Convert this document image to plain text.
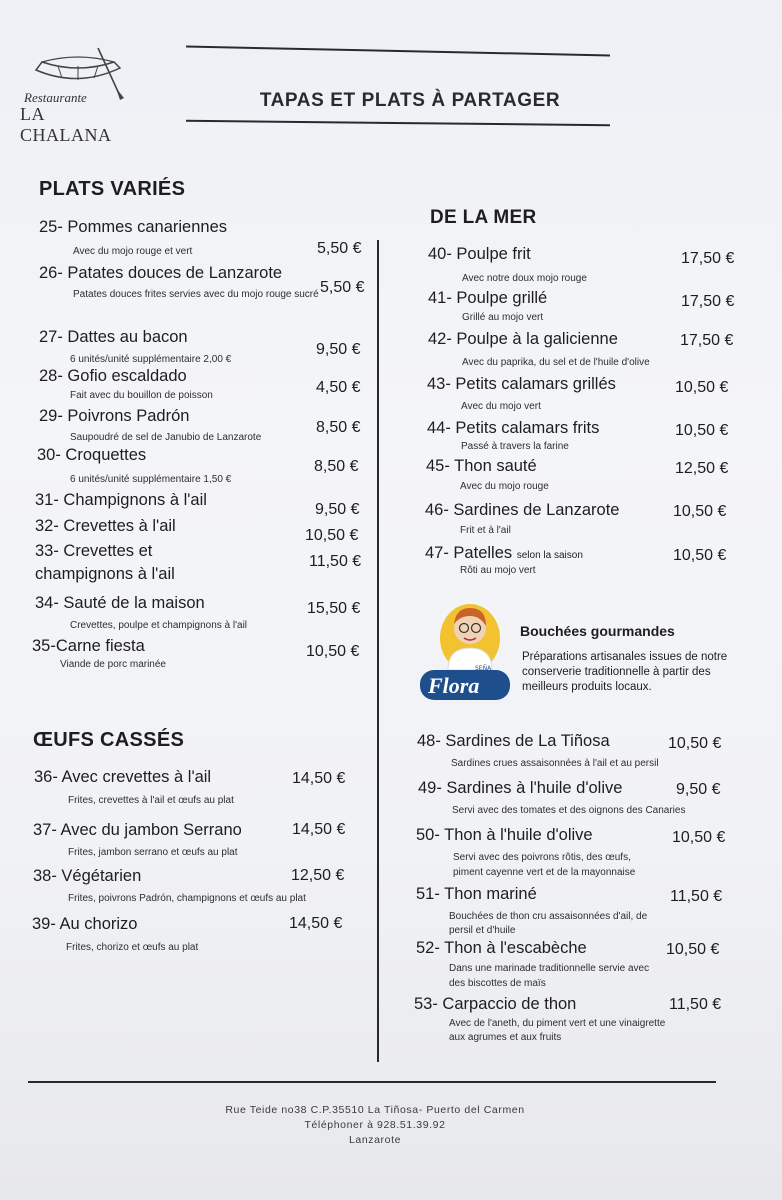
Restaurante
LA CHALANA
TAPAS ET PLATS À PARTAGER
PLATS VARIÉS
25- Pommes canariennes
Avec du mojo rouge et vert	5,50 €
26- Patates douces de Lanzarote
Patates douces frites servies avec du mojo rouge sucré 5,50 €
27- Dattes au bacon
6 unités/unité supplémentaire 2,00 €
9,50 €
28- Gofio escaldado
Fait avec du bouillon de poisson	4,50 €
29- Poivrons Padrón
Saupoudré de sel de Janubio de Lanzarote
8,50 €
30- Croquettes
6 unités/unité supplémentaire 1,50 €
8,50 €
31- Champignons à l'ail
9,50 €
32- Crevettes à l'ail
10,50 €
33- Crevettes et
champignons à l'ail
11,50 €
34- Sauté de la maison
Crevettes, poulpe et champignons à l'ail
15,50 €
35-Carne fiesta
Viande de porc marinée
10,50 €
ŒUFS CASSÉS
36- Avec crevettes à l'ail
Frites, crevettes à l'ail et œufs au plat
14,50 €
37- Avec du jambon Serrano
Frites, jambon serrano et œufs au plat
14,50 €
38- Végétarien
Frites, poivrons Padrón, champignons et œufs au plat
12,50 €
39- Au chorizo
Frites, chorizo et œufs au plat
14,50 €
DE LA MER
40- Poulpe frit
Avec notre doux mojo rouge
17,50 €
41- Poulpe grillé
Grillé au mojo vert
17,50 €
42- Poulpe à la galicienne
Avec du paprika, du sel et de l'huile d'olive
17,50 €
43- Petits calamars grillés
Avec du mojo vert
10,50 €
44- Petits calamars frits
Passé à travers la farine
10,50 €
45- Thon sauté
Avec du mojo rouge
12,50 €
46- Sardines de Lanzarote
Frit et à l'ail
10,50 €
47- Patelles selon la saison
Rôti au mojo vert
10,50 €
SEÑA
Flora
Bouchées gourmandes
Préparations artisanales issues de notre conserverie traditionnelle à partir des meilleurs produits locaux.
48- Sardines de La Tiñosa
Sardines crues assaisonnées à l'ail et au persil
10,50 €
49- Sardines à l'huile d'olive
Servi avec des tomates et des oignons des Canaries
9,50 €
50- Thon à l'huile d'olive
Servi avec des poivrons rôtis, des œufs,
piment cayenne vert et de la mayonnaise
10,50 €
51- Thon mariné
Bouchées de thon cru assaisonnées d'ail, de
persil et d'huile
11,50 €
52- Thon à l'escabèche
Dans une marinade traditionnelle servie avec
des biscottes de maïs
10,50 €
53- Carpaccio de thon
Avec de l'aneth, du piment vert et une vinaigrette
aux agrumes et aux fruits
11,50 €
Rue Teide no38 C.P.35510 La Tiñosa- Puerto del Carmen
Téléphoner à 928.51.39.92
Lanzarote
